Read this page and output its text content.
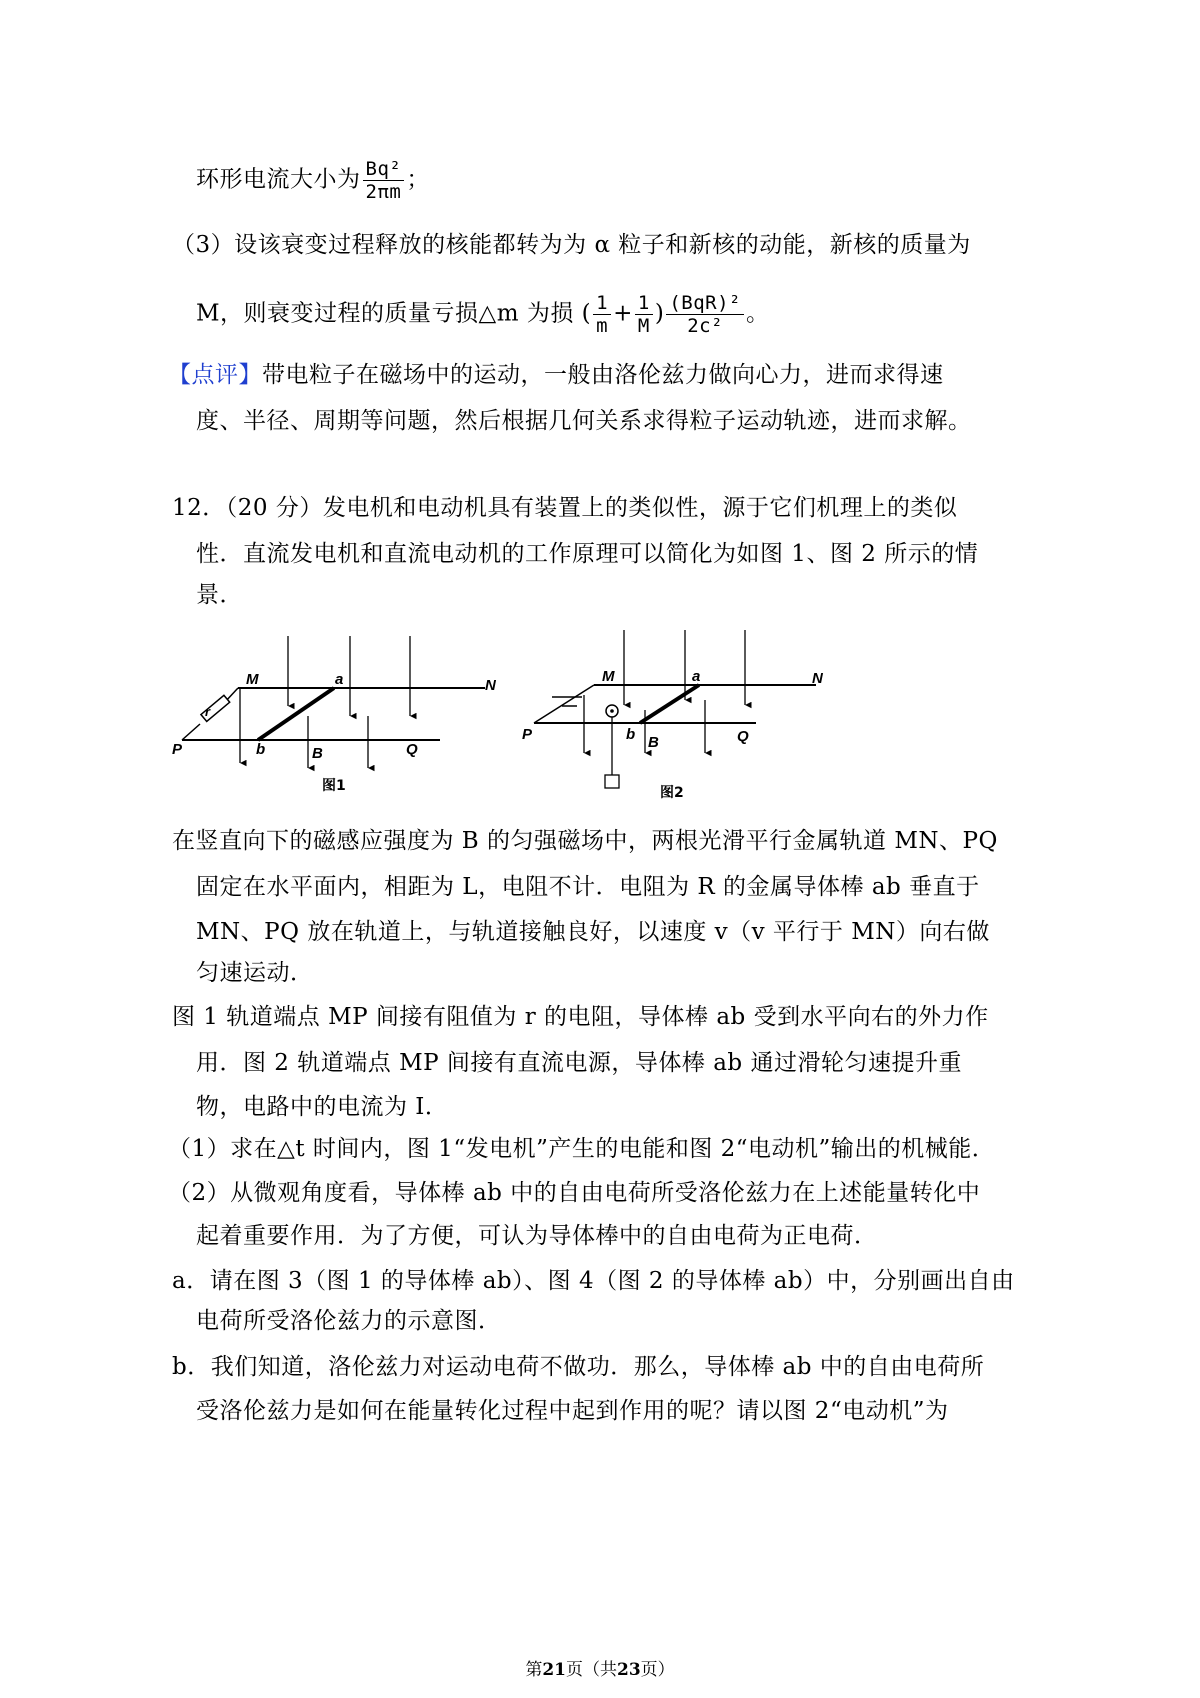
环形电流大小为 $\frac{\text{Bq²}}{2\pi m}$ ；
（3）设该衰变过程释放的核能都转为为 α 粒子和新核的动能，新核的质量为
M，则衰变过程的质量亏损△m 为损 ( $\frac{1}{m} + \frac{1}{M}$ ) $\frac{\text{(BqR)²}}{\text{2c²}}$ 。
【点评】带电粒子在磁场中的运动，一般由洛伦兹力做向心力，进而求得速
度、半径、周期等问题，然后根据几何关系求得粒子运动轨迹，进而求解。
12．（20 分）发电机和电动机具有装置上的类似性，源于它们机理上的类似
性．直流发电机和直流电动机的工作原理可以简化为如图 1、图 2 所示的情
景．
M	a	N
r
P	b	B	Q
图1
M	a	N
P	b B	Q
图2
在竖直向下的磁感应强度为 B 的匀强磁场中，两根光滑平行金属轨道 MN、PQ
固定在水平面内，相距为 L，电阻不计．电阻为 R 的金属导体棒 ab 垂直于
MN、PQ 放在轨道上，与轨道接触良好，以速度 v（v 平行于 MN）向右做
匀速运动．
图 1 轨道端点 MP 间接有阻值为 r 的电阻，导体棒 ab 受到水平向右的外力作
用．图 2 轨道端点 MP 间接有直流电源，导体棒 ab 通过滑轮匀速提升重
物，电路中的电流为 I．
（1）求在△t 时间内，图 1“发电机”产生的电能和图 2“电动机”输出的机械能．
（2）从微观角度看，导体棒 ab 中的自由电荷所受洛伦兹力在上述能量转化中
起着重要作用．为了方便，可认为导体棒中的自由电荷为正电荷．
a．请在图 3（图 1 的导体棒 ab）、图 4（图 2 的导体棒 ab）中，分别画出自由
电荷所受洛伦兹力的示意图．
b．我们知道，洛伦兹力对运动电荷不做功．那么，导体棒 ab 中的自由电荷所
受洛伦兹力是如何在能量转化过程中起到作用的呢？请以图 2“电动机”为
第21页（共23页）
